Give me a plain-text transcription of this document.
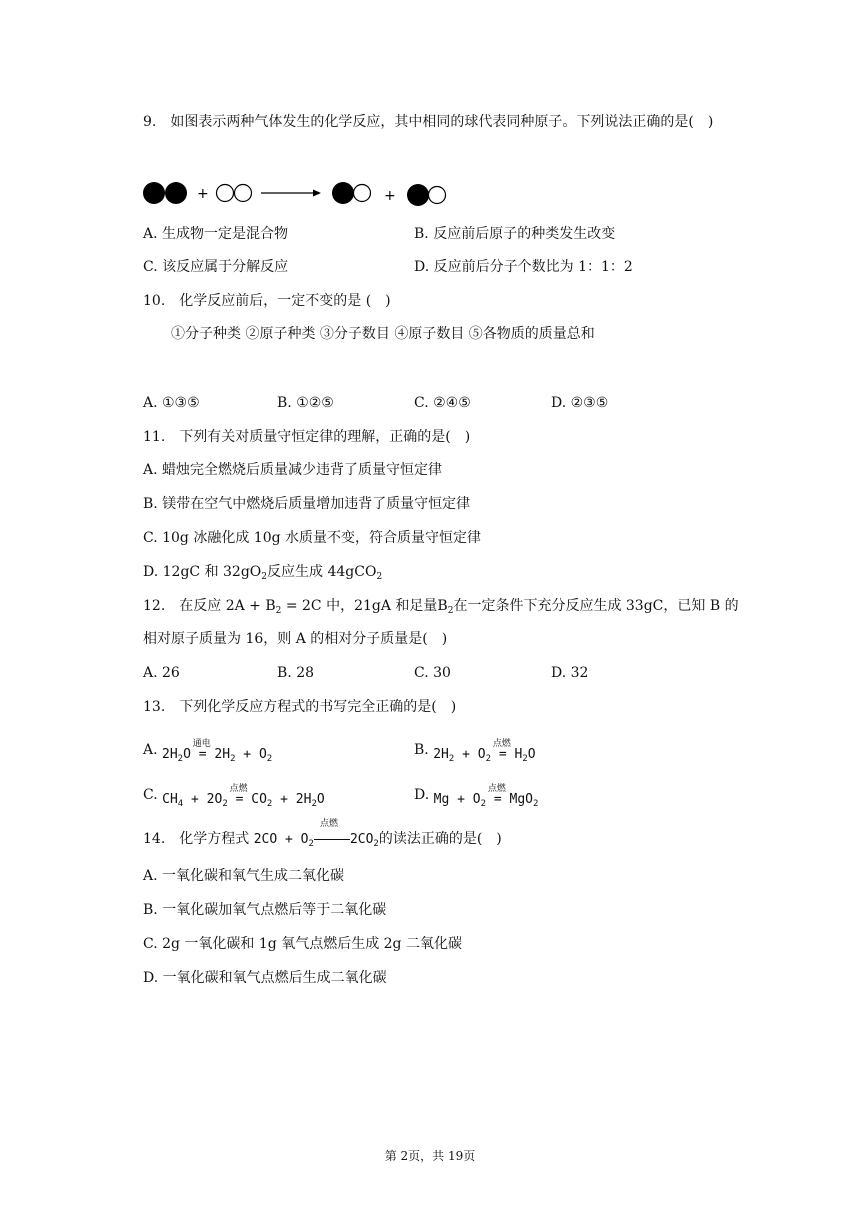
9. 如图表示两种气体发生的化学反应，其中相同的球代表同种原子。下列说法正确的是(　)
+	+
A. 生成物一定是混合物	B. 反应前后原子的种类发生改变
C. 该反应属于分解反应	D. 反应前后分子个数比为 1：1：2
10. 化学反应前后，一定不变的是 (　)
①分子种类 ②原子种类 ③分子数目 ④原子数目 ⑤各物质的质量总和
A. ①③⑤	B. ①②⑤	C. ②④⑤	D. ②③⑤
11. 下列有关对质量守恒定律的理解，正确的是(　)
A. 蜡烛完全燃烧后质量减少违背了质量守恒定律
B. 镁带在空气中燃烧后质量增加违背了质量守恒定律
C. 10g 冰融化成 10g 水质量不变，符合质量守恒定律
D. 12gC 和 $32gO_2$反应生成 44gCO$_2$
12. 在反应 $2A + B_2 = 2C$ 中，21gA 和足量$B_2$在一定条件下充分反应生成 33gC，已知 B 的
相对原子质量为 16，则 A 的相对分子质量是(　)
A. 26	B. 28	C. 30	D. 32
13. 下列化学反应方程式的书写完全正确的是(　)
A. $2H_2O$ =
通电
$2H_2 + O_2$
B. $2H_2 + O_2$ =
点燃
$H_2O$
C. $CH_4 + 2O_2$ =
点燃
$CO_2 + 2H_2O$	D. $Mg + O_2$ =
点燃
MgO$_2$
14. 化学方程式 $2CO + O_2$
点燃
$2CO_2$的读法正确的是(　)
A. 一氧化碳和氧气生成二氧化碳
B. 一氧化碳加氧气点燃后等于二氧化碳
C. 2g 一氧化碳和 1g 氧气点燃后生成 2g 二氧化碳
D. 一氧化碳和氧气点燃后生成二氧化碳
第 2页，共 19页
